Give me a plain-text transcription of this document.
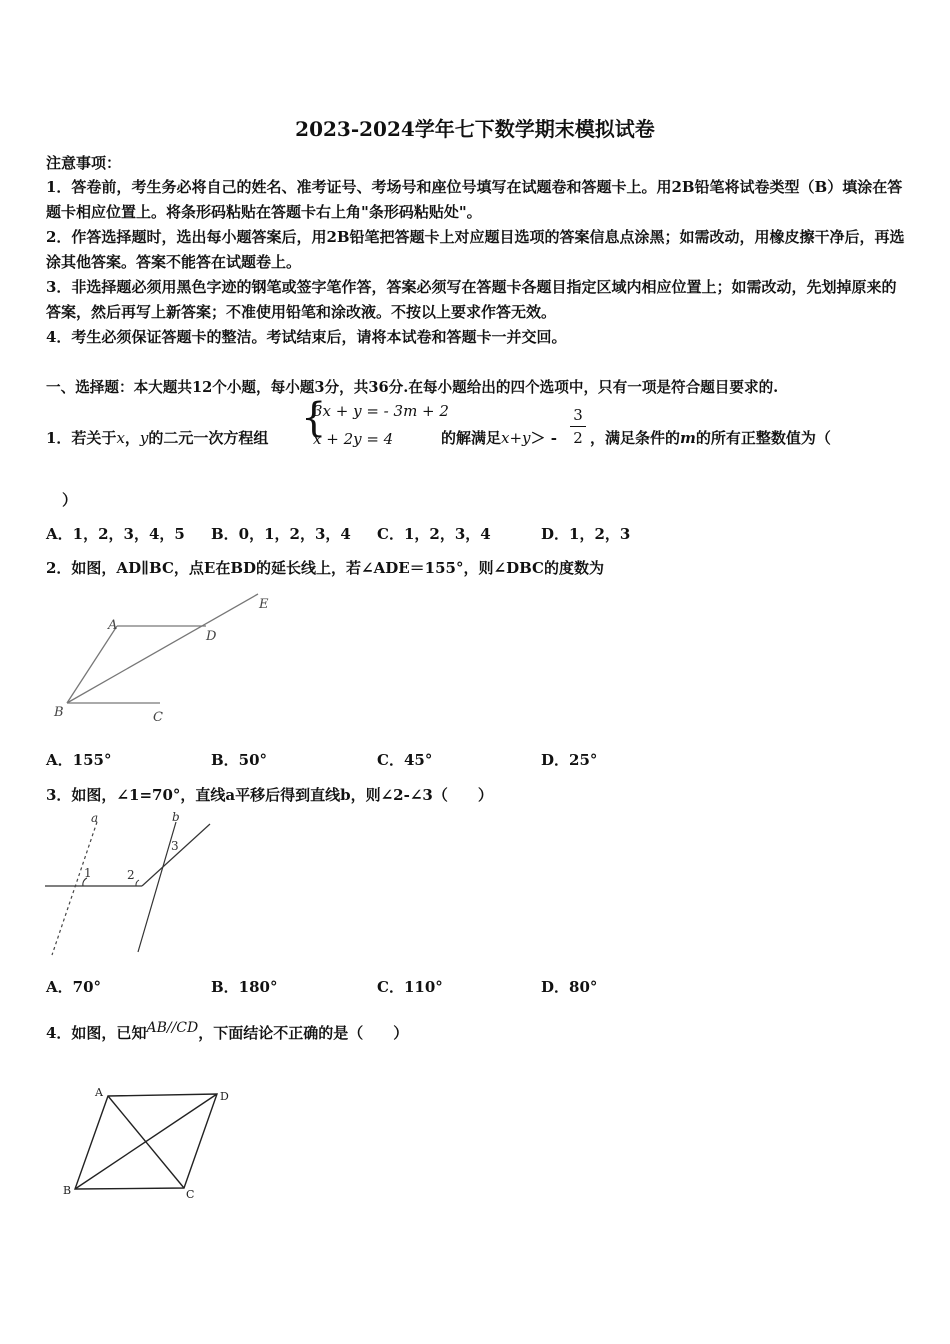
2023-2024学年七下数学期末模拟试卷
注意事项：
1．答卷前，考生务必将自己的姓名、准考证号、考场号和座位号填写在试题卷和答题卡上。用2B铅笔将试卷类型（B）填涂在答题卡相应位置上。将条形码粘贴在答题卡右上角"条形码粘贴处"。
2．作答选择题时，选出每小题答案后，用2B铅笔把答题卡上对应题目选项的答案信息点涂黑；如需改动，用橡皮擦干净后，再选涂其他答案。答案不能答在试题卷上。
3．非选择题必须用黑色字迹的钢笔或签字笔作答，答案必须写在答题卡各题目指定区域内相应位置上；如需改动，先划掉原来的答案，然后再写上新答案；不准使用铅笔和涂改液。不按以上要求作答无效。
4．考生必须保证答题卡的整洁。考试结束后，请将本试卷和答题卡一并交回。
一、选择题：本大题共12个小题，每小题3分，共36分.在每小题给出的四个选项中，只有一项是符合题目要求的.
1．若关于x，y的二元一次方程组 {
3x + y = - 3m + 2
x + 2y = 4	的解满足x+y＞ -
3
2 ，满足条件的m的所有正整数值为（
）
A．1，2，3，4，5 B．0，1，2，3，4 C．1，2，3，4	D．1，2，3
2．如图，AD∥BC，点E在BD的延长线上，若∠ADE＝155°，则∠DBC的度数为
A
D
E
B	C
A．155°	B．50°	C．45°	D．25°
3．如图，∠1=70°，直线a平移后得到直线b，则∠2-∠3（　　）
a	b
1	2
3
A．70°	B．180°	C．110°	D．80°
4．如图，已知AB//CD，下面结论不正确的是（　　）
A	D
B	C
